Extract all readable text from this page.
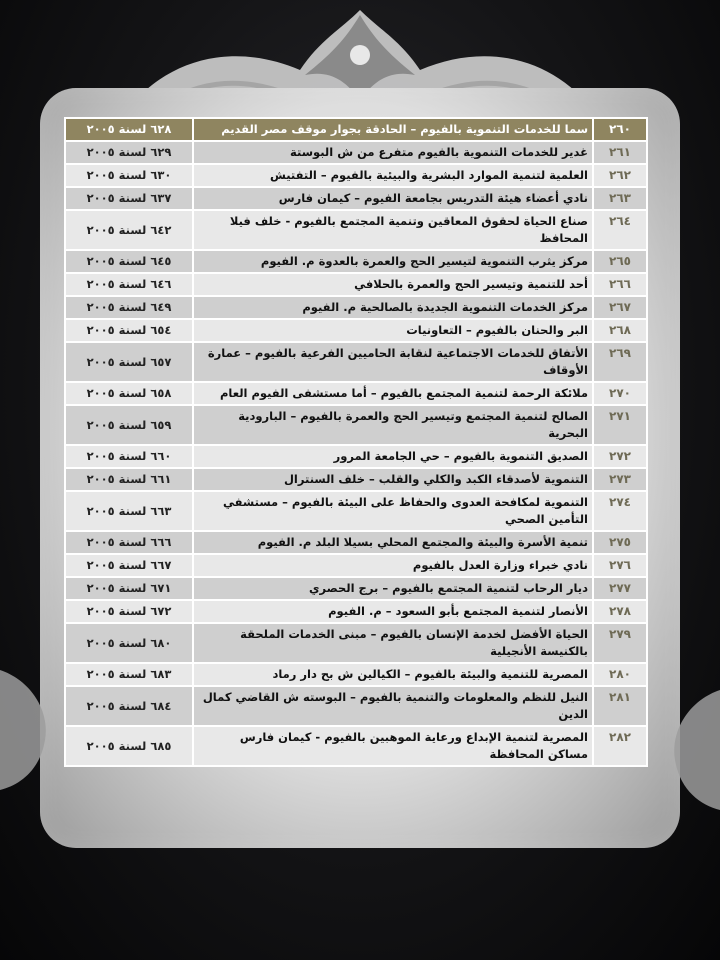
٢٦٠	سما للخدمات التنموية بالفيوم – الحادقة بجوار موقف مصر القديم	٦٢٨ لسنة ٢٠٠٥
٢٦١	غدير للخدمات التنموية بالفيوم متفرع من ش البوستة	٦٢٩ لسنة ٢٠٠٥
٢٦٢	العلمية لتنمية الموارد البشرية والبيئية بالفيوم – التفتيش	٦٣٠ لسنة ٢٠٠٥
٢٦٣	نادي أعضاء هيئة التدريس بجامعة الفيوم – كيمان فارس	٦٣٧ لسنة ٢٠٠٥
٢٦٤	صناع الحياة لحقوق المعاقين وتنمية المجتمع بالفيوم - خلف فيلا المحافظ	٦٤٢ لسنة ٢٠٠٥
٢٦٥	مركز يثرب التنموية لتيسير الحج والعمرة بالعدوة م. الفيوم	٦٤٥ لسنة ٢٠٠٥
٢٦٦	أحد للتنمية وتيسير الحج والعمرة بالحلافي	٦٤٦ لسنة ٢٠٠٥
٢٦٧	مركز الخدمات التنموية الجديدة بالصالحية م. الفيوم	٦٤٩ لسنة ٢٠٠٥
٢٦٨	البر والحنان بالفيوم – التعاونيات	٦٥٤ لسنة ٢٠٠٥
٢٦٩	الأتفاق للخدمات الاجتماعية لنقابة الحاميين الفرعية بالفيوم – عمارة الأوقاف	٦٥٧ لسنة ٢٠٠٥
٢٧٠	ملائكة الرحمة لتنمية المجتمع بالفيوم – أما مستشفى الفيوم العام	٦٥٨ لسنة ٢٠٠٥
٢٧١	الصالح لتنمية المجتمع وتيسير الحج والعمرة بالفيوم – البارودية البحرية	٦٥٩ لسنة ٢٠٠٥
٢٧٢	الصديق التنموية بالفيوم – حي الجامعة المرور	٦٦٠ لسنة ٢٠٠٥
٢٧٣	التنموية لأصدقاء الكبد والكلي والقلب – خلف السنترال	٦٦١ لسنة ٢٠٠٥
٢٧٤	التنموية لمكافحة العدوى والحفاظ على البيئة بالفيوم – مستشفي التأمين الصحي	٦٦٣ لسنة ٢٠٠٥
٢٧٥	تنمية الأسرة والبيئة والمجتمع المحلي بسيلا البلد م. الفيوم	٦٦٦ لسنة ٢٠٠٥
٢٧٦	نادي خبراء وزارة العدل بالفيوم	٦٦٧ لسنة ٢٠٠٥
٢٧٧	ديار الرحاب لتنمية المجتمع بالفيوم – برج الحصري	٦٧١ لسنة ٢٠٠٥
٢٧٨	الأنصار لتنمية المجتمع بأبو السعود – م. الفيوم	٦٧٢ لسنة ٢٠٠٥
٢٧٩	الحياة الأفضل لخدمة الإنسان بالفيوم – مبنى الخدمات الملحقة بالكنيسة الأنجيلية	٦٨٠ لسنة ٢٠٠٥
٢٨٠	المصرية للتنمية والبيئة بالفيوم – الكيالين ش بح دار رماد	٦٨٣ لسنة ٢٠٠٥
٢٨١	النيل للنظم والمعلومات والتنمية بالفيوم – البوسته ش القاضي كمال الدين	٦٨٤ لسنة ٢٠٠٥
٢٨٢	المصرية لتنمية الإبداع ورعاية الموهبين بالفيوم - كيمان فارس مساكن المحافظة	٦٨٥ لسنة ٢٠٠٥
